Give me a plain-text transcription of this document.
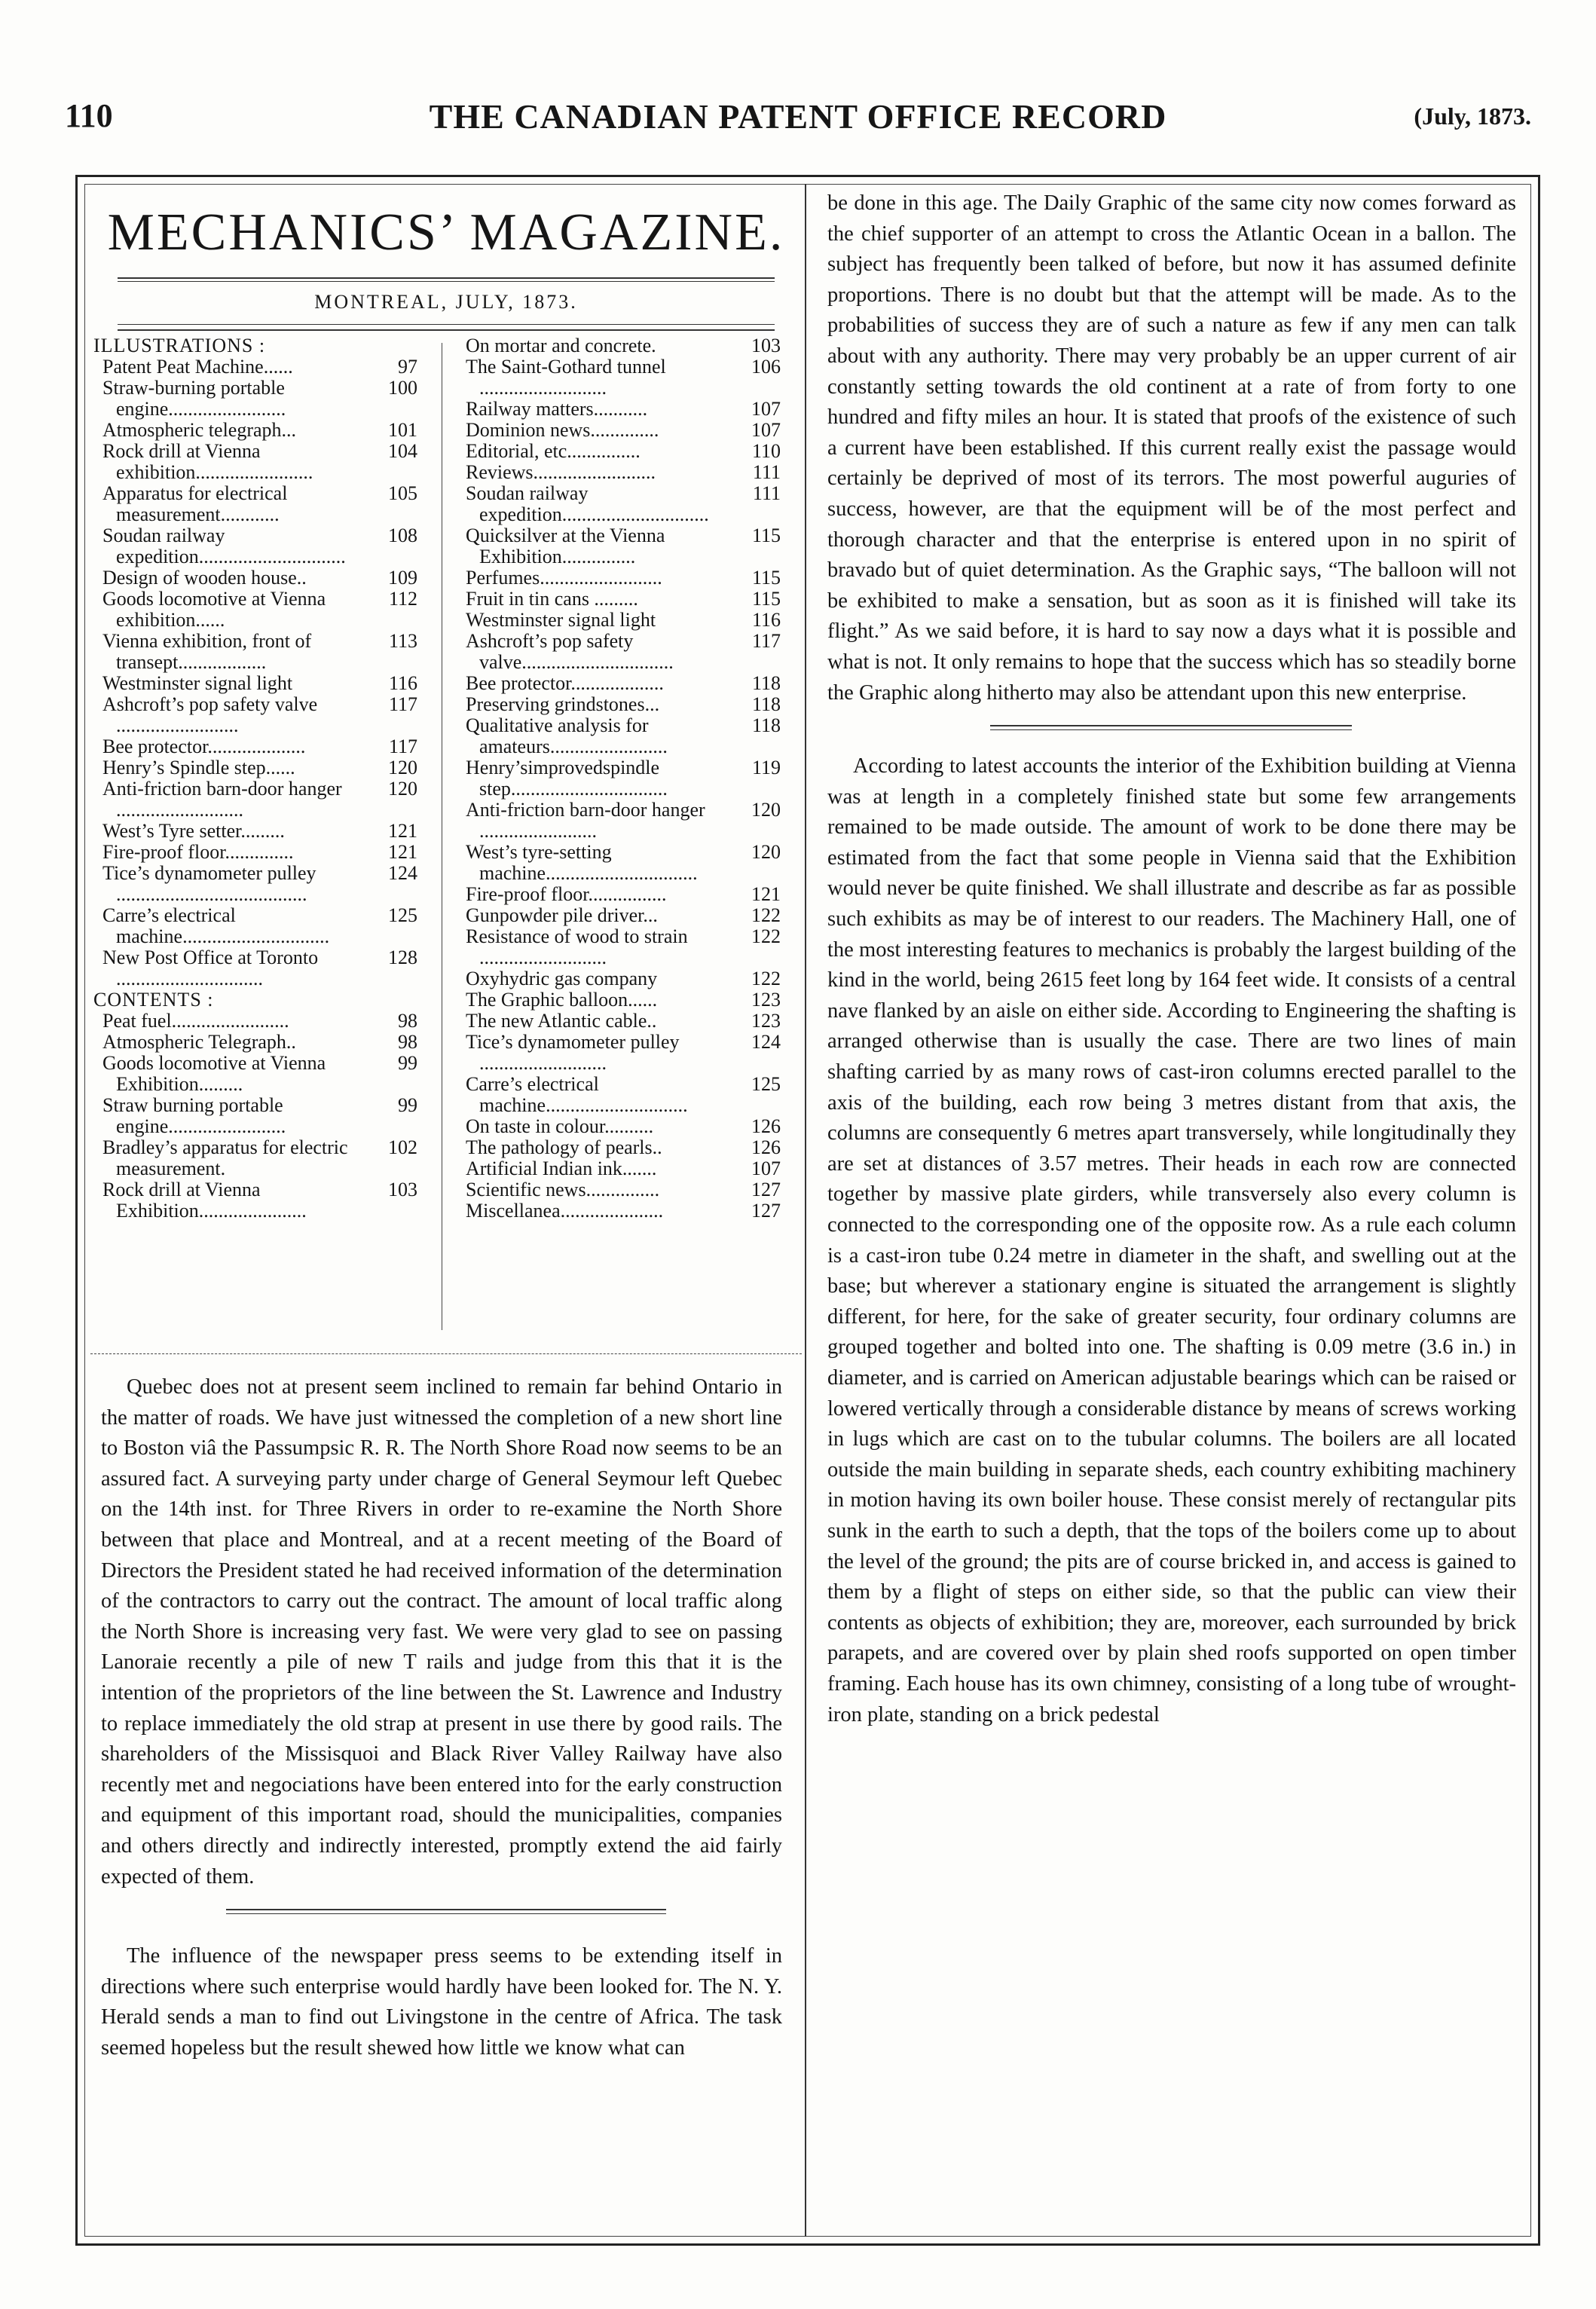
110	THE CANADIAN PATENT OFFICE RECORD	(July, 1873.
MECHANICS’ MAGAZINE.
MONTREAL, JULY, 1873.
ILLUSTRATIONS :
97
Patent Peat Machine......
100
Straw-burning portable engine........................
101
Atmospheric telegraph...
104
Rock drill at Vienna exhibition........................
105
Apparatus for electrical measurement............
108
Soudan railway expedition..............................
109
Design of wooden house..
112
Goods locomotive at Vienna exhibition......
113
Vienna exhibition, front of transept..................
116
Westminster signal light
117
Ashcroft’s pop safety valve .........................
117
Bee protector....................
120
Henry’s Spindle step......
120
Anti-friction barn-door hanger ..........................
121
West’s Tyre setter.........
121
Fire-proof floor..............
124
Tice’s dynamometer pulley .......................................
125
Carre’s electrical machine..............................
128
New Post Office at Toronto ..............................
CONTENTS :
98
Peat fuel........................
98
Atmospheric Telegraph..
99
Goods locomotive at Vienna Exhibition.........
99
Straw burning portable engine........................
102
Bradley’s apparatus for electric measurement.
103
Rock drill at Vienna Exhibition......................
103
On mortar and concrete.
106
The Saint-Gothard tunnel ..........................
107
Railway matters...........
107
Dominion news..............
110
Editorial, etc...............
111
Reviews.........................
111
Soudan railway expedition..............................
115
Quicksilver at the Vienna Exhibition...............
115
Perfumes.........................
115
Fruit in tin cans .........
116
Westminster signal light
117
Ashcroft’s pop safety valve...............................
118
Bee protector...................
118
Preserving grindstones...
118
Qualitative analysis for amateurs........................
119
Henry’simprovedspindle step................................
120
Anti-friction barn-door hanger ........................
120
West’s tyre-setting machine...............................
121
Fire-proof floor................
122
Gunpowder pile driver...
122
Resistance of wood to strain ..........................
122
Oxyhydric gas company
123
The Graphic balloon......
123
The new Atlantic cable..
124
Tice’s dynamometer pulley ..........................
125
Carre’s electrical machine.............................
126
On taste in colour..........
126
The pathology of pearls..
107
Artificial Indian ink.......
127
Scientific news...............
127
Miscellanea.....................

Quebec does not at present seem inclined to remain far behind Ontario in the matter of roads. We have just witnessed the completion of a new short line to Boston viâ the Passumpsic R. R. The North Shore Road now seems to be an assured fact. A surveying party under charge of General Seymour left Quebec on the 14th inst. for Three Rivers in order to re-examine the North Shore between that place and Montreal, and at a recent meeting of the Board of Directors the President stated he had received information of the determination of the contractors to carry out the contract. The amount of local traffic along the North Shore is increasing very fast. We were very glad to see on passing Lanoraie recently a pile of new T rails and judge from this that it is the intention of the proprietors of the line between the St. Lawrence and Industry to replace immediately the old strap at present in use there by good rails. The shareholders of the Missisquoi and Black River Valley Railway have also recently met and negociations have been entered into for the early construction and equipment of this important road, should the municipalities, companies and others directly and indirectly interested, promptly extend the aid fairly expected of them.

The influence of the newspaper press seems to be extending itself in directions where such enterprise would hardly have been looked for. The N. Y. Herald sends a man to find out Livingstone in the centre of Africa. The task seemed hopeless but the result shewed how little we know what can

be done in this age. The Daily Graphic of the same city now comes forward as the chief supporter of an attempt to cross the Atlantic Ocean in a ballon. The subject has frequently been talked of before, but now it has assumed definite proportions. There is no doubt but that the attempt will be made. As to the probabilities of success they are of such a nature as few if any men can talk about with any authority. There may very probably be an upper current of air constantly setting towards the old continent at a rate of from forty to one hundred and fifty miles an hour. It is stated that proofs of the existence of such a current have been established. If this current really exist the passage would certainly be deprived of most of its terrors. The most powerful auguries of success, however, are that the equipment will be of the most perfect and thorough character and that the enterprise is entered upon in no spirit of bravado but of quiet determination. As the Graphic says, “The balloon will not be exhibited to make a sensation, but as soon as it is finished will take its flight.” As we said before, it is hard to say now a days what it is possible and what is not. It only remains to hope that the success which has so steadily borne the Graphic along hitherto may also be attendant upon this new enterprise.

According to latest accounts the interior of the Exhibition building at Vienna was at length in a completely finished state but some few arrangements remained to be made outside. The amount of work to be done there may be estimated from the fact that some people in Vienna said that the Exhibition would never be quite finished. We shall illustrate and describe as far as possible such exhibits as may be of interest to our readers. The Machinery Hall, one of the most interesting features to mechanics is probably the largest building of the kind in the world, being 2615 feet long by 164 feet wide. It consists of a central nave flanked by an aisle on either side. According to Engineering the shafting is arranged otherwise than is usually the case. There are two lines of main shafting carried by as many rows of cast-iron columns erected parallel to the axis of the building, each row being 3 metres distant from that axis, the columns are consequently 6 metres apart transversely, while longitudinally they are set at distances of 3.57 metres. Their heads in each row are connected together by massive plate girders, while transversely also every column is connected to the corresponding one of the opposite row. As a rule each column is a cast-iron tube 0.24 metre in diameter in the shaft, and swelling out at the base; but wherever a stationary engine is situated the arrangement is slightly different, for here, for the sake of greater security, four ordinary columns are grouped together and bolted into one. The shafting is 0.09 metre (3.6 in.) in diameter, and is carried on American adjustable bearings which can be raised or lowered vertically through a considerable distance by means of screws working in lugs which are cast on to the tubular columns. The boilers are all located outside the main building in separate sheds, each country exhibiting machinery in motion having its own boiler house. These consist merely of rectangular pits sunk in the earth to such a depth, that the tops of the boilers come up to about the level of the ground; the pits are of course bricked in, and access is gained to them by a flight of steps on either side, so that the public can view their contents as objects of exhibition; they are, moreover, each surrounded by brick parapets, and are covered over by plain shed roofs supported on open timber framing. Each house has its own chimney, consisting of a long tube of wrought-iron plate, standing on a brick pedestal
